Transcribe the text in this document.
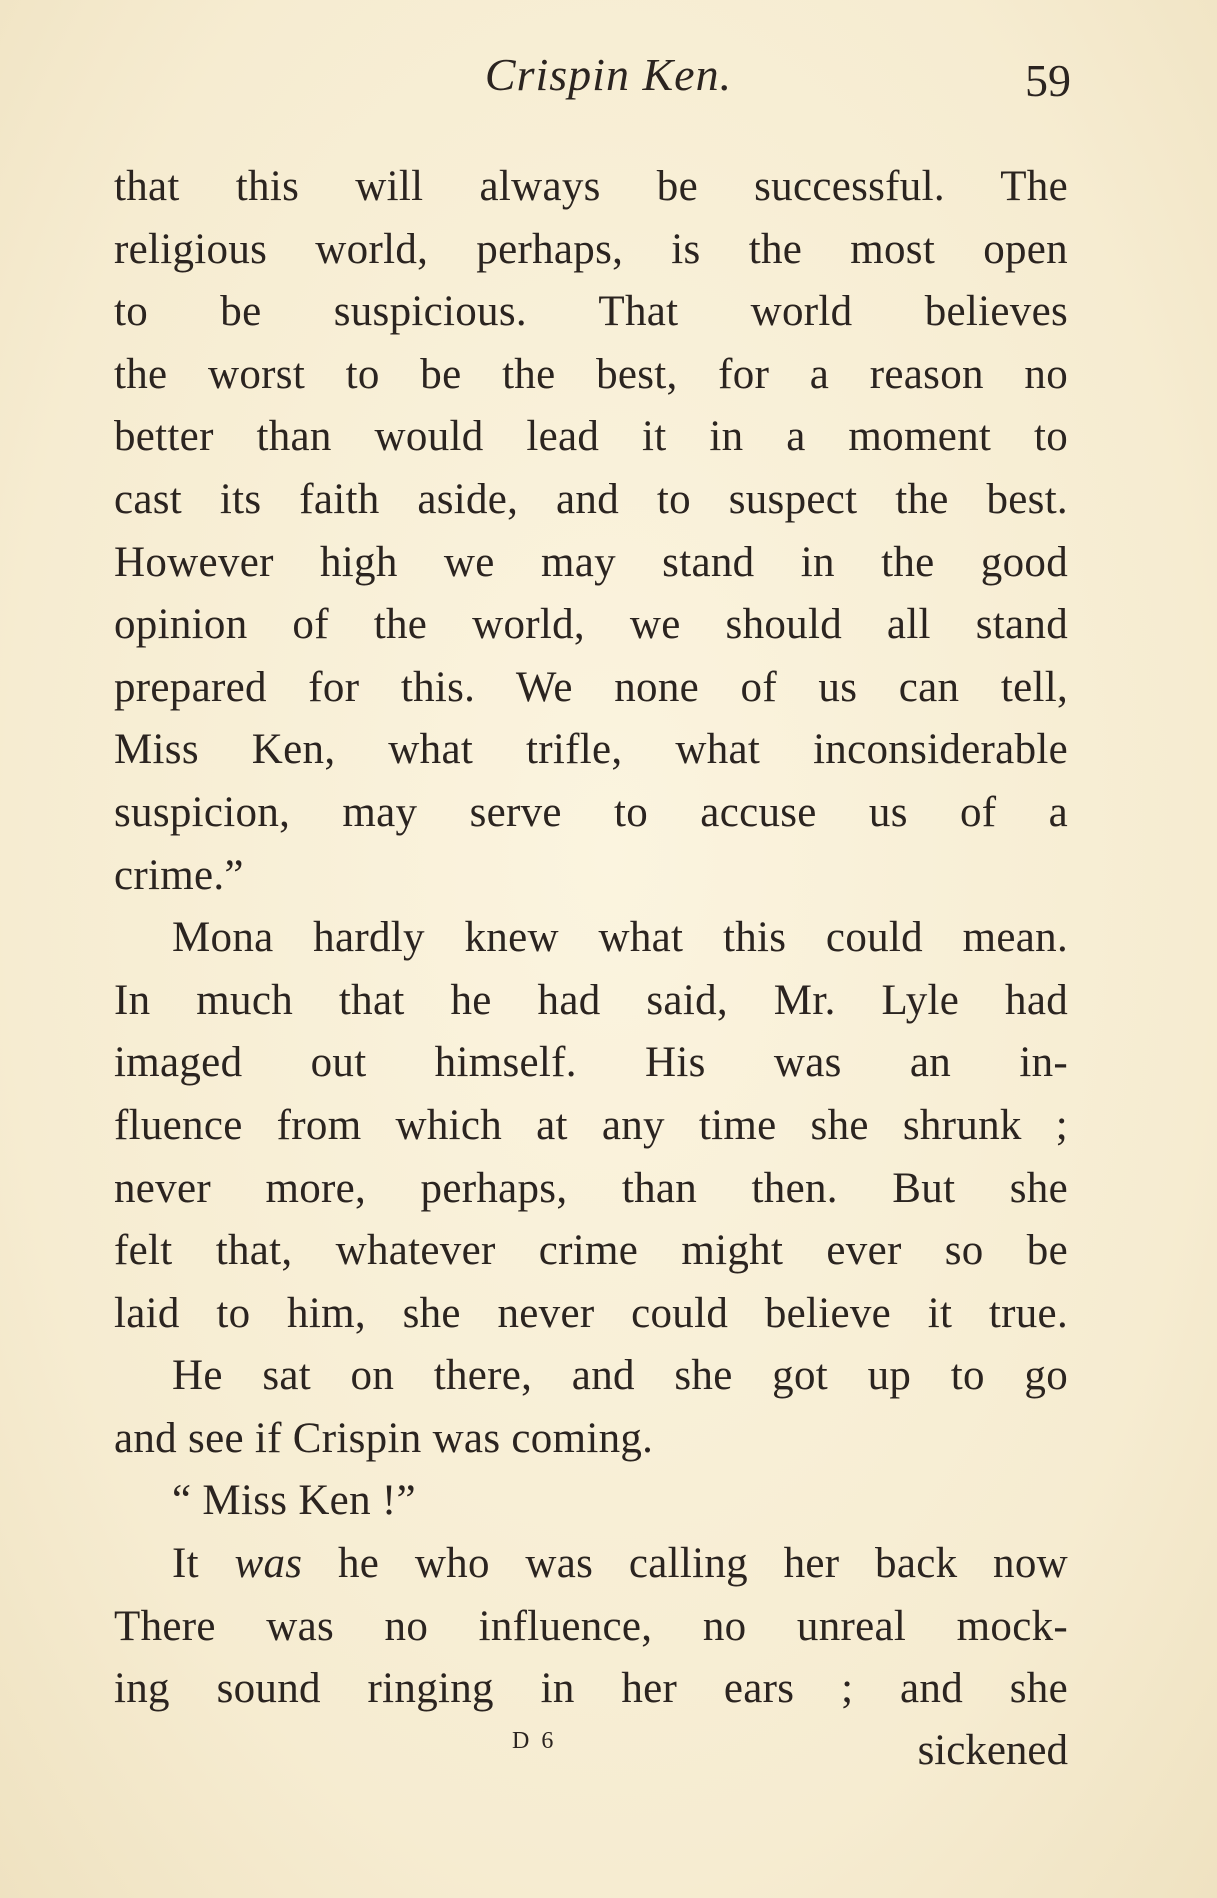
Crispin Ken.	59
that this will always be successful. The
religious world, perhaps, is the most open
to be suspicious. That world believes
the worst to be the best, for a reason no
better than would lead it in a moment to
cast its faith aside, and to suspect the best.
However high we may stand in the good
opinion of the world, we should all stand
prepared for this. We none of us can tell,
Miss Ken, what trifle, what inconsiderable
suspicion, may serve to accuse us of a
crime.”
Mona hardly knew what this could mean.
In much that he had said, Mr. Lyle had
imaged out himself. His was an in-
fluence from which at any time she shrunk ;
never more, perhaps, than then. But she
felt that, whatever crime might ever so be
laid to him, she never could believe it true.
He sat on there, and she got up to go
and see if Crispin was coming.
“ Miss Ken !”
It was he who was calling her back now
There was no influence, no unreal mock-
ing sound ringing in her ears ; and she
D 6	sickened
